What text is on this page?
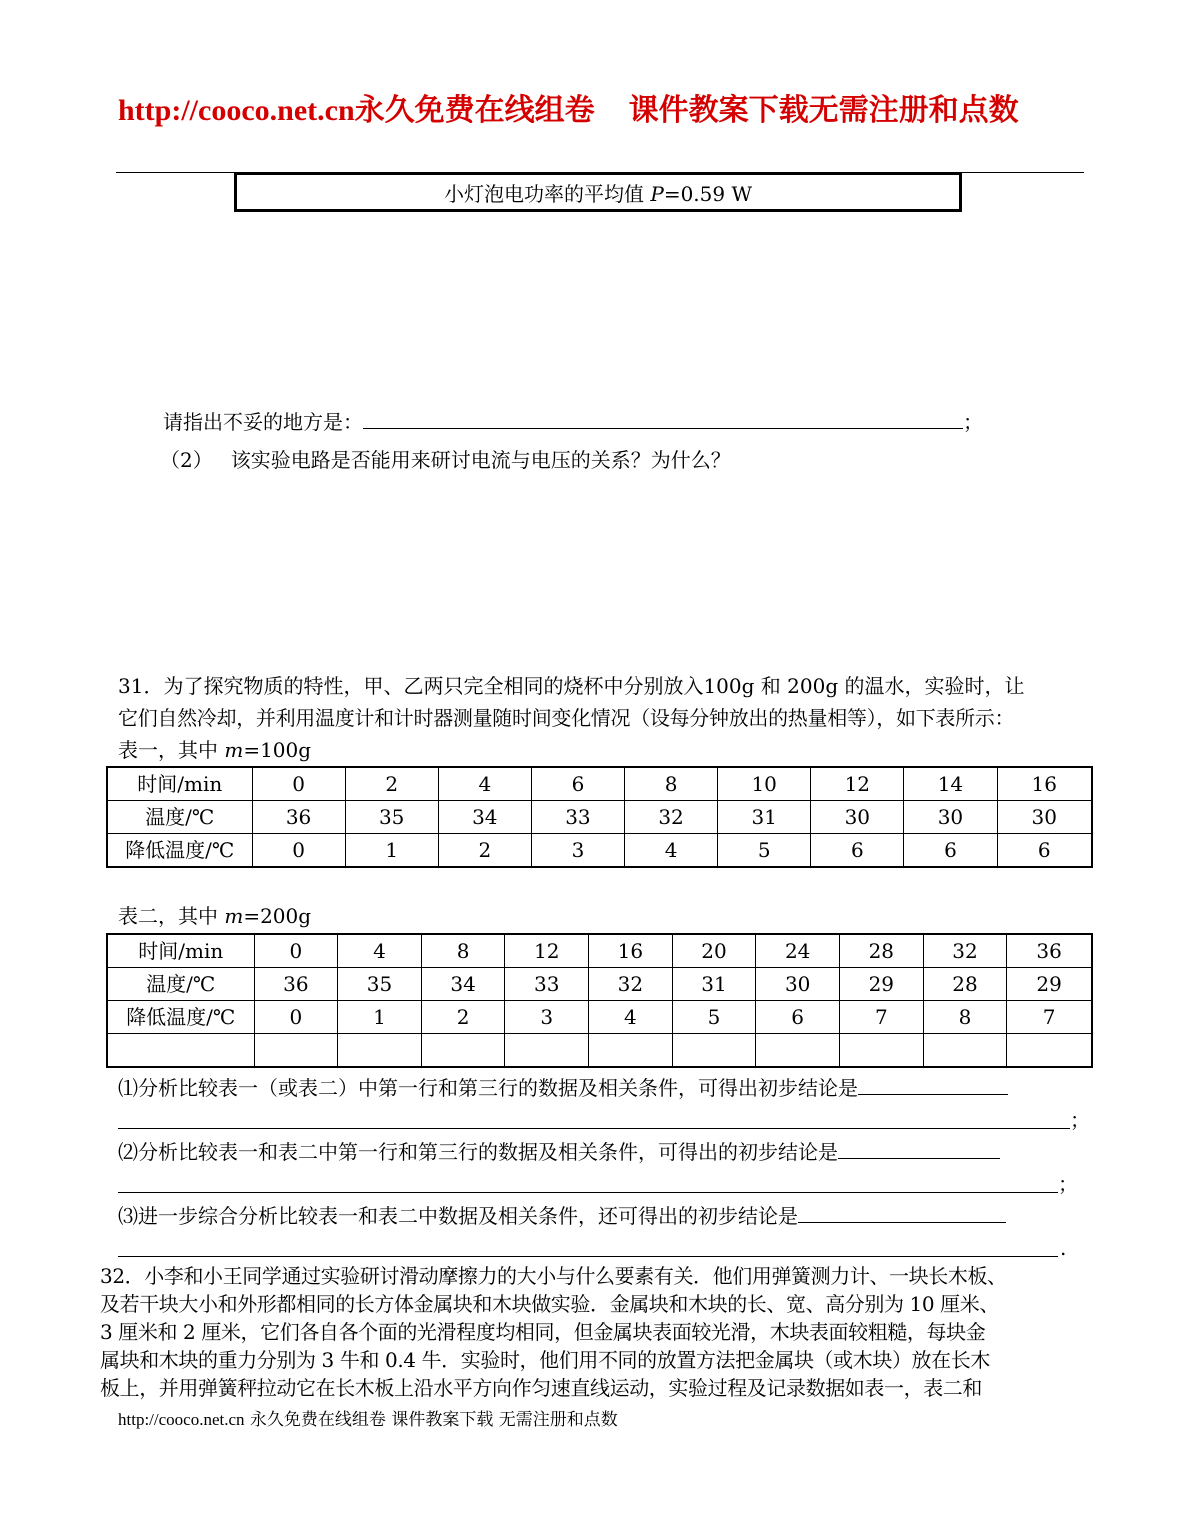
http://cooco.net.cn永久免费在线组卷 课件教案下载无需注册和点数
小灯泡电功率的平均值 P=0.59 W
请指出不妥的地方是：	；
（2） 该实验电路是否能用来研讨电流与电压的关系？为什么？
31．为了探究物质的特性，甲、乙两只完全相同的烧杯中分别放入100g 和 200g 的温水，实验时，让
它们自然冷却，并利用温度计和计时器测量随时间变化情况（设每分钟放出的热量相等），如下表所示：
表一，其中 m=100g
时间/min	0	2	4	6	8	10	12	14	16
温度/℃	36	35	34	33	32	31	30	30	30
降低温度/℃	0	1	2	3	4	5	6	6	6
表二，其中 m=200g
时间/min	0	4	8	12	16	20	24	28	32	36
温度/℃	36	35	34	33	32	31	30	29	28	29
降低温度/℃	0	1	2	3	4	5	6	7	8	7

⑴分析比较表一（或表二）中第一行和第三行的数据及相关条件，可得出初步结论是
；
⑵分析比较表一和表二中第一行和第三行的数据及相关条件，可得出的初步结论是
；
⑶进一步综合分析比较表一和表二中数据及相关条件，还可得出的初步结论是
.
32．小李和小王同学通过实验研讨滑动摩擦力的大小与什么要素有关．他们用弹簧测力计、一块长木板、
及若干块大小和外形都相同的长方体金属块和木块做实验．金属块和木块的长、宽、高分别为 10 厘米、
3 厘米和 2 厘米，它们各自各个面的光滑程度均相同，但金属块表面较光滑，木块表面较粗糙，每块金
属块和木块的重力分别为 3 牛和 0.4 牛．实验时，他们用不同的放置方法把金属块（或木块）放在长木
板上，并用弹簧秤拉动它在长木板上沿水平方向作匀速直线运动，实验过程及记录数据如表一，表二和
http://cooco.net.cn 永久免费在线组卷 课件教案下载 无需注册和点数
